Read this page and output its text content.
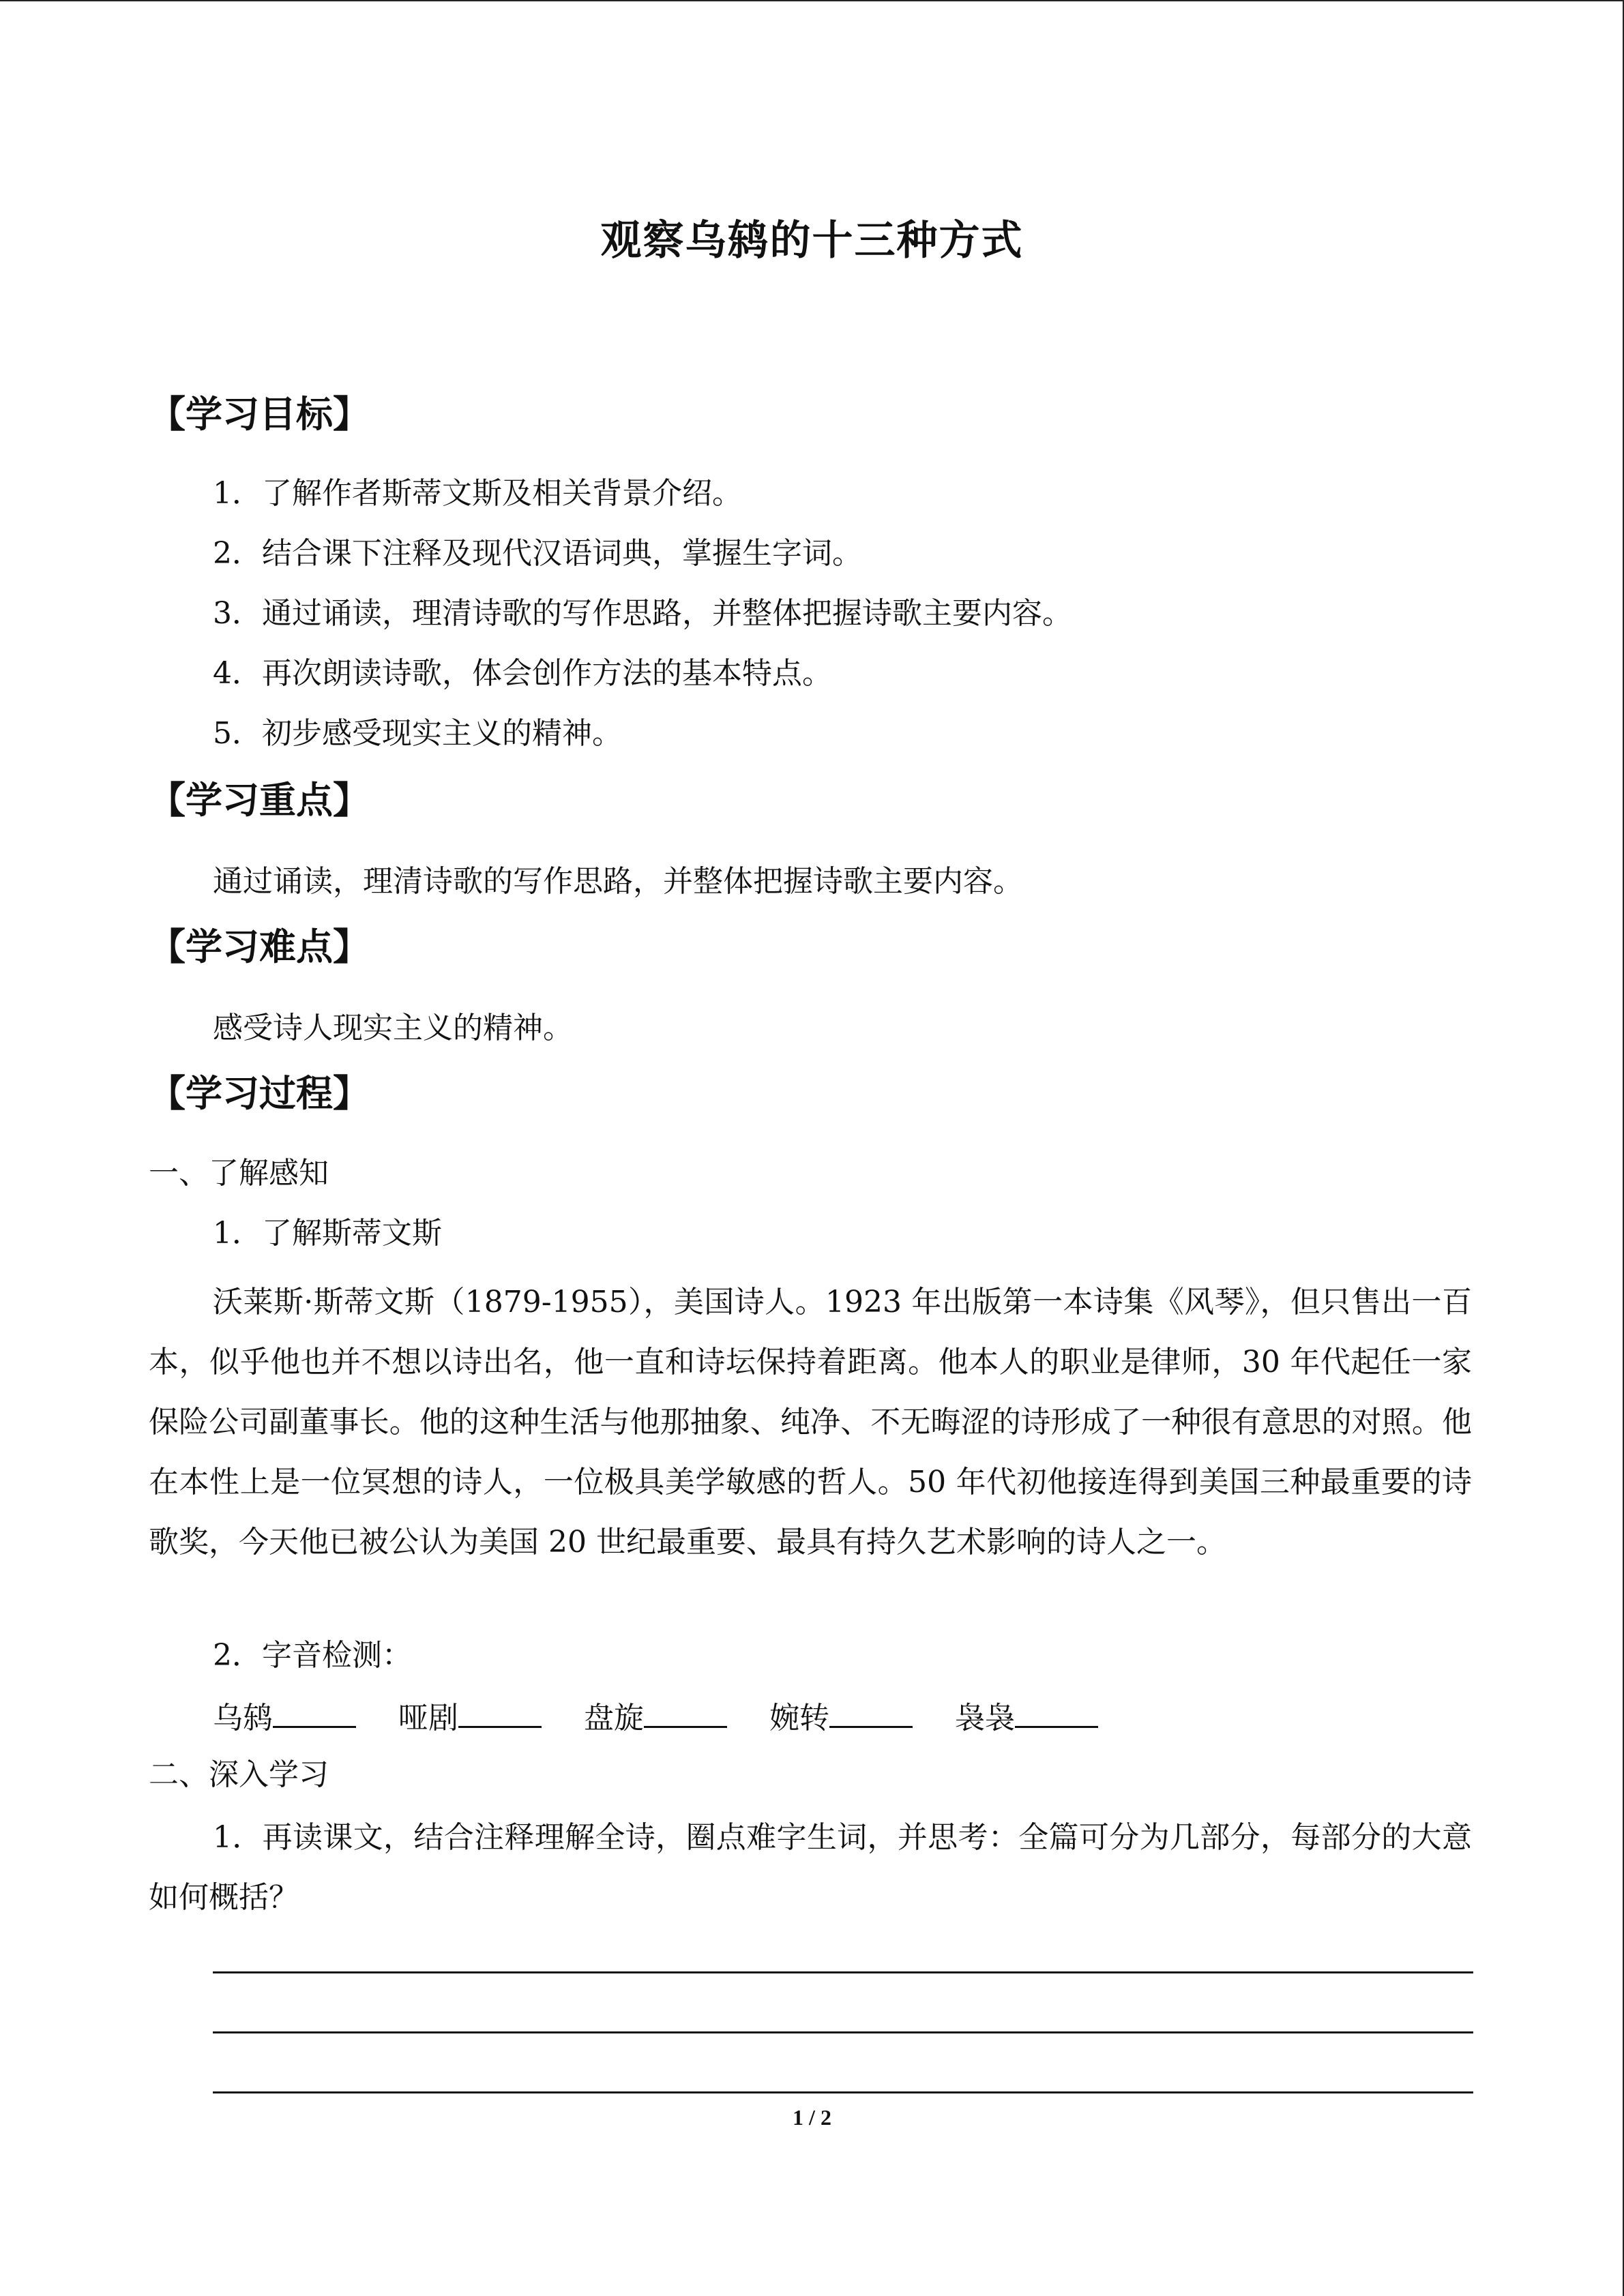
观察乌鸫的十三种方式
【学习目标】
1．了解作者斯蒂文斯及相关背景介绍。
2．结合课下注释及现代汉语词典，掌握生字词。
3．通过诵读，理清诗歌的写作思路，并整体把握诗歌主要内容。
4．再次朗读诗歌，体会创作方法的基本特点。
5．初步感受现实主义的精神。
【学习重点】
通过诵读，理清诗歌的写作思路，并整体把握诗歌主要内容。
【学习难点】
感受诗人现实主义的精神。
【学习过程】
一、了解感知
1．了解斯蒂文斯

沃莱斯·斯蒂文斯（1879-1955），美国诗人。1923 年出版第一本诗集《风琴》，但只售出一百本，似乎他也并不想以诗出名，他一直和诗坛保持着距离。他本人的职业是律师，30 年代起任一家保险公司副董事长。他的这种生活与他那抽象、纯净、不无晦涩的诗形成了一种很有意思的对照。他在本性上是一位冥想的诗人，一位极具美学敏感的哲人。50 年代初他接连得到美国三种最重要的诗歌奖，今天他已被公认为美国 20 世纪最重要、最具有持久艺术影响的诗人之一。

2．字音检测：
乌鸫	哑剧	盘旋	婉转	袅袅
二、深入学习

1．再读课文，结合注释理解全诗，圈点难字生词，并思考：全篇可分为几部分，每部分的大意如何概括？

1 / 2
